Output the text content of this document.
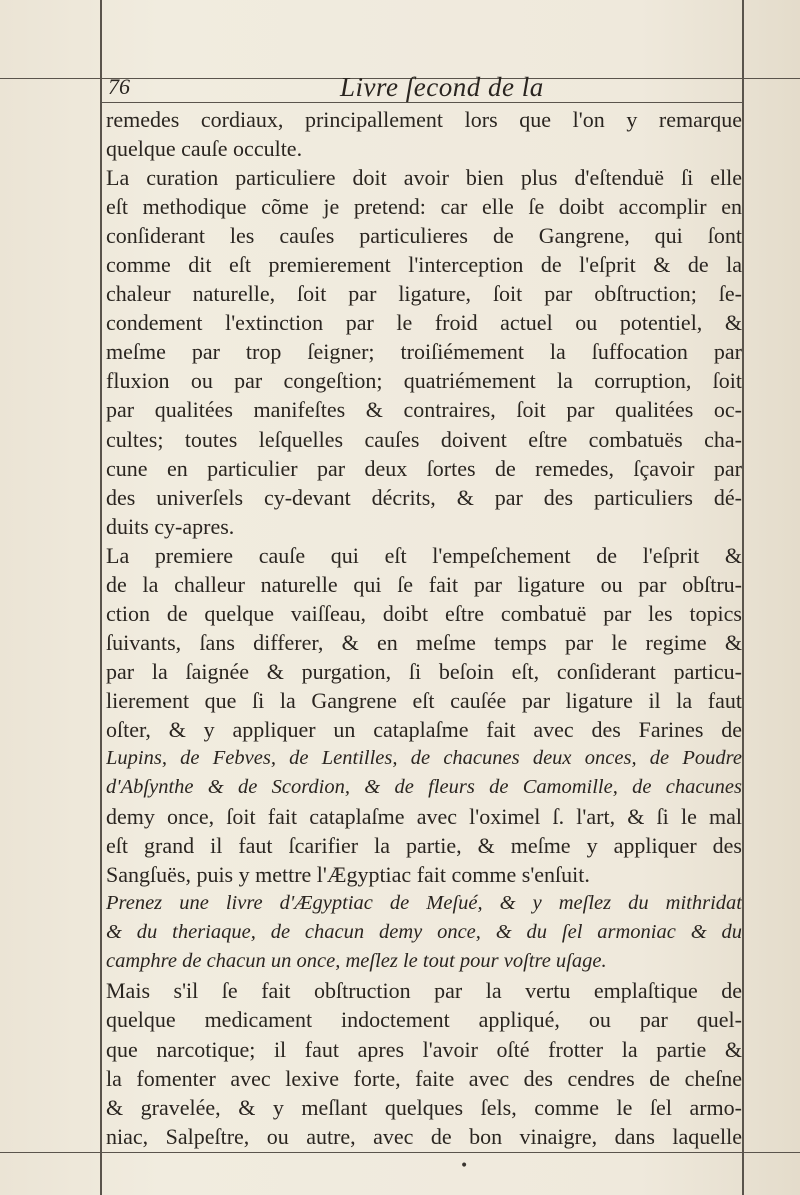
76	Livre ſecond de la
remedes cordiaux, principallement lors que l'on y remarque
quelque cauſe occulte.
La curation particuliere doit avoir bien plus d'eſtenduë ſi elle
eſt methodique cõme je pretend: car elle ſe doibt accomplir en
conſiderant les cauſes particulieres de Gangrene, qui ſont
comme dit eſt premierement l'interception de l'eſprit & de la
chaleur naturelle, ſoit par ligature, ſoit par obſtruction; ſe-
condement l'extinction par le froid actuel ou potentiel, &
meſme par trop ſeigner; troiſiémement la ſuffocation par
fluxion ou par congeſtion; quatriémement la corruption, ſoit
par qualitées manifeſtes & contraires, ſoit par qualitées oc-
cultes; toutes leſquelles cauſes doivent eſtre combatuës cha-
cune en particulier par deux ſortes de remedes, ſçavoir par
des univerſels cy-devant décrits, & par des particuliers dé-
duits cy-apres.
La premiere cauſe qui eſt l'empeſchement de l'eſprit &
de la challeur naturelle qui ſe fait par ligature ou par obſtru-
ction de quelque vaiſſeau, doibt eſtre combatuë par les topics
ſuivants, ſans differer, & en meſme temps par le regime &
par la ſaignée & purgation, ſi beſoin eſt, conſiderant particu-
lierement que ſi la Gangrene eſt cauſée par ligature il la faut
oſter, & y appliquer un cataplaſme fait avec des Farines de
Lupins, de Febves, de Lentilles, de chacunes deux onces, de Poudre
d'Abſynthe & de Scordion, & de fleurs de Camomille, de chacunes
demy once, ſoit fait cataplaſme avec l'oximel ſ. l'art, & ſi le mal
eſt grand il faut ſcarifier la partie, & meſme y appliquer des
Sangſuës, puis y mettre l'Ægyptiac fait comme s'enſuit.
Prenez une livre d'Ægyptiac de Meſué, & y meſlez du mithridat
& du theriaque, de chacun demy once, & du ſel armoniac & du
camphre de chacun un once, meſlez le tout pour voſtre uſage.
Mais s'il ſe fait obſtruction par la vertu emplaſtique de
quelque medicament indoctement appliqué, ou par quel-
que narcotique; il faut apres l'avoir oſté frotter la partie &
la fomenter avec lexive forte, faite avec des cendres de cheſne
& gravelée, & y meſlant quelques ſels, comme le ſel armo-
niac, Salpeſtre, ou autre, avec de bon vinaigre, dans laquelle
•
